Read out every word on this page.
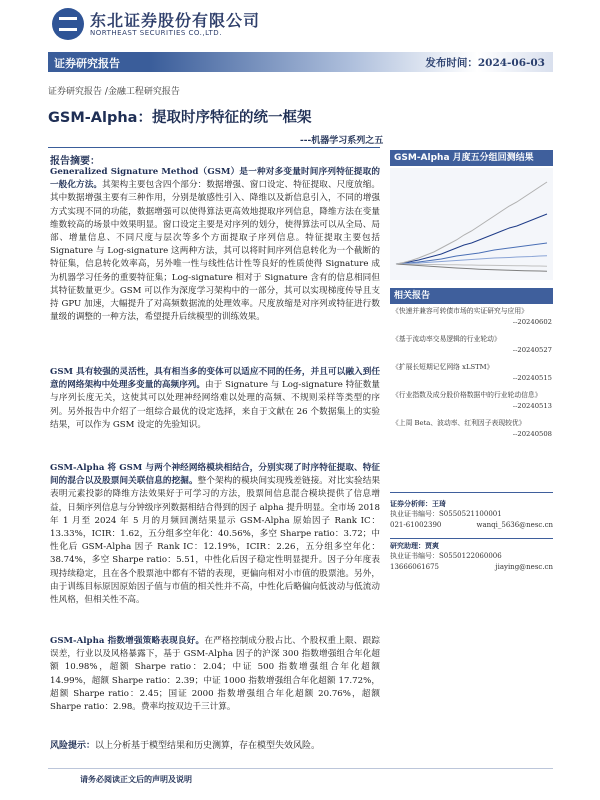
东北证券股份有限公司
NORTHEAST SECURITIES CO.,LTD.
证券研究报告	发布时间：2024-06-03
证券研究报告 /金融工程研究报告
GSM-Alpha：提取时序特征的统一框架
---机器学习系列之五
报告摘要：
Generalized Signature Method（GSM）是一种对多变量时间序列特征提取的一般化方法。其架构主要包含四个部分：数据增强、窗口设定、特征提取、尺度放缩。其中数据增强主要有三种作用，分别是敏感性引入、降维以及新信息引入，不同的增强方式实现不同的功能，数据增强可以使得算法更高效地提取序列信息，降维方法在变量维数较高的场景中效果明显。窗口设定主要是对序列的划分，使得算法可以从全局、局部、增量信息、不同尺度与层次等多个方面提取子序列信息。特征提取主要包括 Signature 与 Log-signature 这两种方法，其可以将时间序列信息转化为一个截断的特征集，信息转化效率高，另外唯一性与线性估计性等良好的性质使得 Signature 成为机器学习任务的重要特征集；Log-signature 相对于 Signature 含有的信息相同但其特征数量更少。GSM 可以作为深度学习架构中的一部分，其可以实现梯度传导且支持 GPU 加速，大幅提升了对高频数据流的处理效率。尺度放缩是对序列或特征进行数量级的调整的一种方法，希望提升后续模型的训练效果。
GSM 具有较强的灵活性，具有相当多的变体可以适应不同的任务，并且可以融入到任意的网络架构中处理多变量的高频序列。由于 Signature 与 Log-signature 特征数量与序列长度无关，这使其可以处理神经网络难以处理的高频、不规则采样等类型的序列。另外报告中介绍了一组综合最优的设定选择，来自于文献在 26 个数据集上的实验结果，可以作为 GSM 设定的先验知识。
GSM-Alpha 将 GSM 与两个神经网络模块相结合，分别实现了时序特征提取、特征间的混合以及股票间关联信息的挖掘。整个架构的模块间实现残差链接。对比实验结果表明元素投影的降维方法效果好于可学习的方法，股票间信息混合模块提供了信息增益，日频序列信息与分钟级序列数据相结合得到的因子 alpha 提升明显。全市场 2018 年 1 月至 2024 年 5 月的月频回测结果显示 GSM-Alpha 原始因子 Rank IC：13.33%，ICIR：1.62，五分组多空年化：40.56%，多空 Sharpe ratio：3.72；中性化后 GSM-Alpha 因子 Rank IC：12.19%，ICIR：2.26，五分组多空年化：38.74%，多空 Sharpe ratio：5.51，中性化后因子稳定性明显提升。因子分年度表现持续稳定，且在各个股票池中都有不错的表现，更偏向相对小市值的股票池。另外，由于训练目标原因原始因子值与市值的相关性并不高，中性化后略偏向低波动与低流动性风格，但相关性不高。
GSM-Alpha 指数增强策略表现良好。在严格控制成分股占比、个股权重上限、跟踪误差，行业以及风格暴露下，基于 GSM-Alpha 因子的沪深 300 指数增强组合年化超额 10.98%，超额 Sharpe ratio：2.04；中证 500 指数增强组合年化超额 14.99%，超额 Sharpe ratio：2.39；中证 1000 指数增强组合年化超额 17.72%，超额 Sharpe ratio：2.45；国证 2000 指数增强组合年化超额 20.76%，超额 Sharpe ratio：2.98。费率均按双边千三计算。
风险提示：以上分析基于模型结果和历史测算，存在模型失效风险。
请务必阅读正文后的声明及说明
GSM-Alpha 月度五分组回测结果
相关报告
《快速并兼容可转债市场的实证研究与应用》
--20240602
《基于流动率交易逻辑的行业轮动》
--20240527
《扩展长短期记忆网络 xLSTM》
--20240515
《行业指数及成分股价格数据中的行业轮动信息》
--20240513
《上周 Beta、波动率、红利因子表现较优》
--20240508
证券分析师：王琦
执业证书编号：S0550521100001
021-61002390	wanqi_5636@nesc.cn
研究助理：贾爽
执业证书编号：S0550122060006
13666061675	jiaying@nesc.cn
